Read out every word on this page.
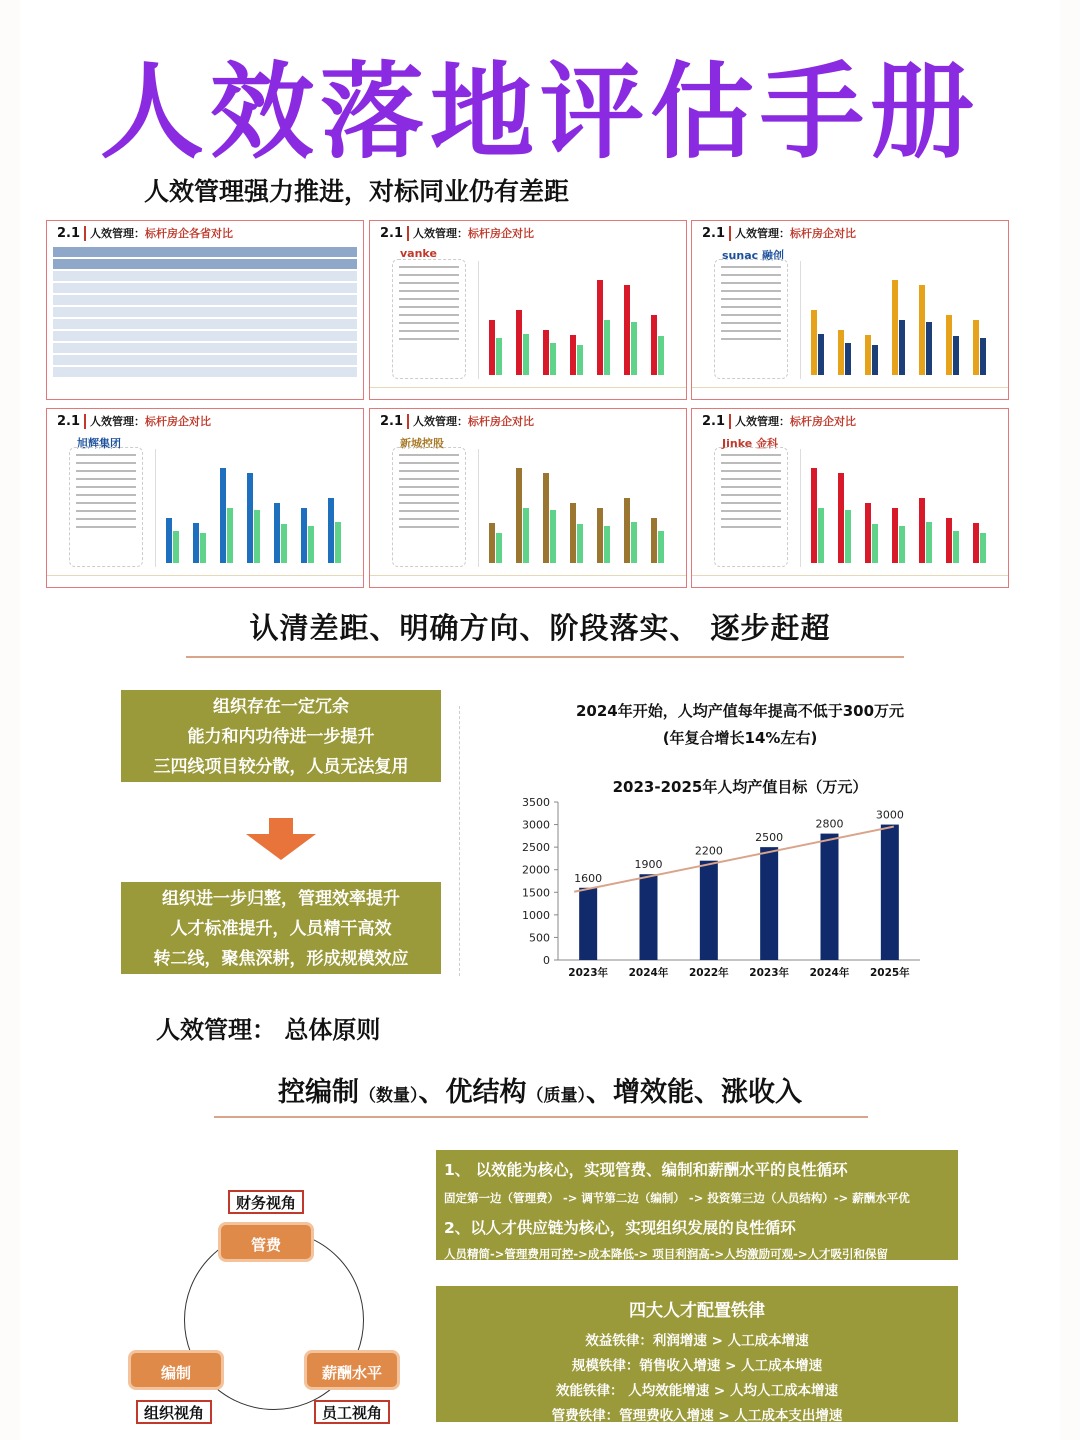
人效落地评估手册
人效管理强力推进，对标同业仍有差距
2.1 人效管理：标杆房企各省对比	2.1 人效管理：标杆房企对比
vanke
2.1 人效管理：标杆房企对比
sunac 融创
2.1 人效管理：标杆房企对比
旭辉集团
2.1 人效管理：标杆房企对比
新城控股
2.1 人效管理：标杆房企对比
Jinke 金科
认清差距、明确方向、阶段落实、 逐步赶超
组织存在一定冗余
能力和内功待进一步提升
三四线项目较分散，人员无法复用
组织进一步归整，管理效率提升
人才标准提升，人员精干高效
转二线，聚焦深耕，形成规模效应
2024年开始，人均产值每年提高不低于300万元
(年复合增长14%左右)
2023-2025年人均产值目标（万元）
0
500
1000
1500
2000
2500
3000
3500
1600
2023年
1900
2024年
2200
2022年
2500
2023年
2800
2024年
3000
2025年
人效管理： 总体原则
控编制（数量）、优结构（质量）、增效能、涨收入
财务视角
管费
编制	薪酬水平
组织视角	员工视角
1、 以效能为核心，实现管费、编制和薪酬水平的良性循环
固定第一边（管理费） -> 调节第二边（编制） -> 投资第三边（人员结构）-> 薪酬水平优
2、以人才供应链为核心，实现组织发展的良性循环
人员精简->管理费用可控->成本降低-> 项目利润高->人均激励可观->人才吸引和保留
四大人才配置铁律
效益铁律：利润增速 > 人工成本增速
规模铁律：销售收入增速 > 人工成本增速
效能铁律： 人均效能增速 > 人均人工成本增速
管费铁律：管理费收入增速 > 人工成本支出增速
